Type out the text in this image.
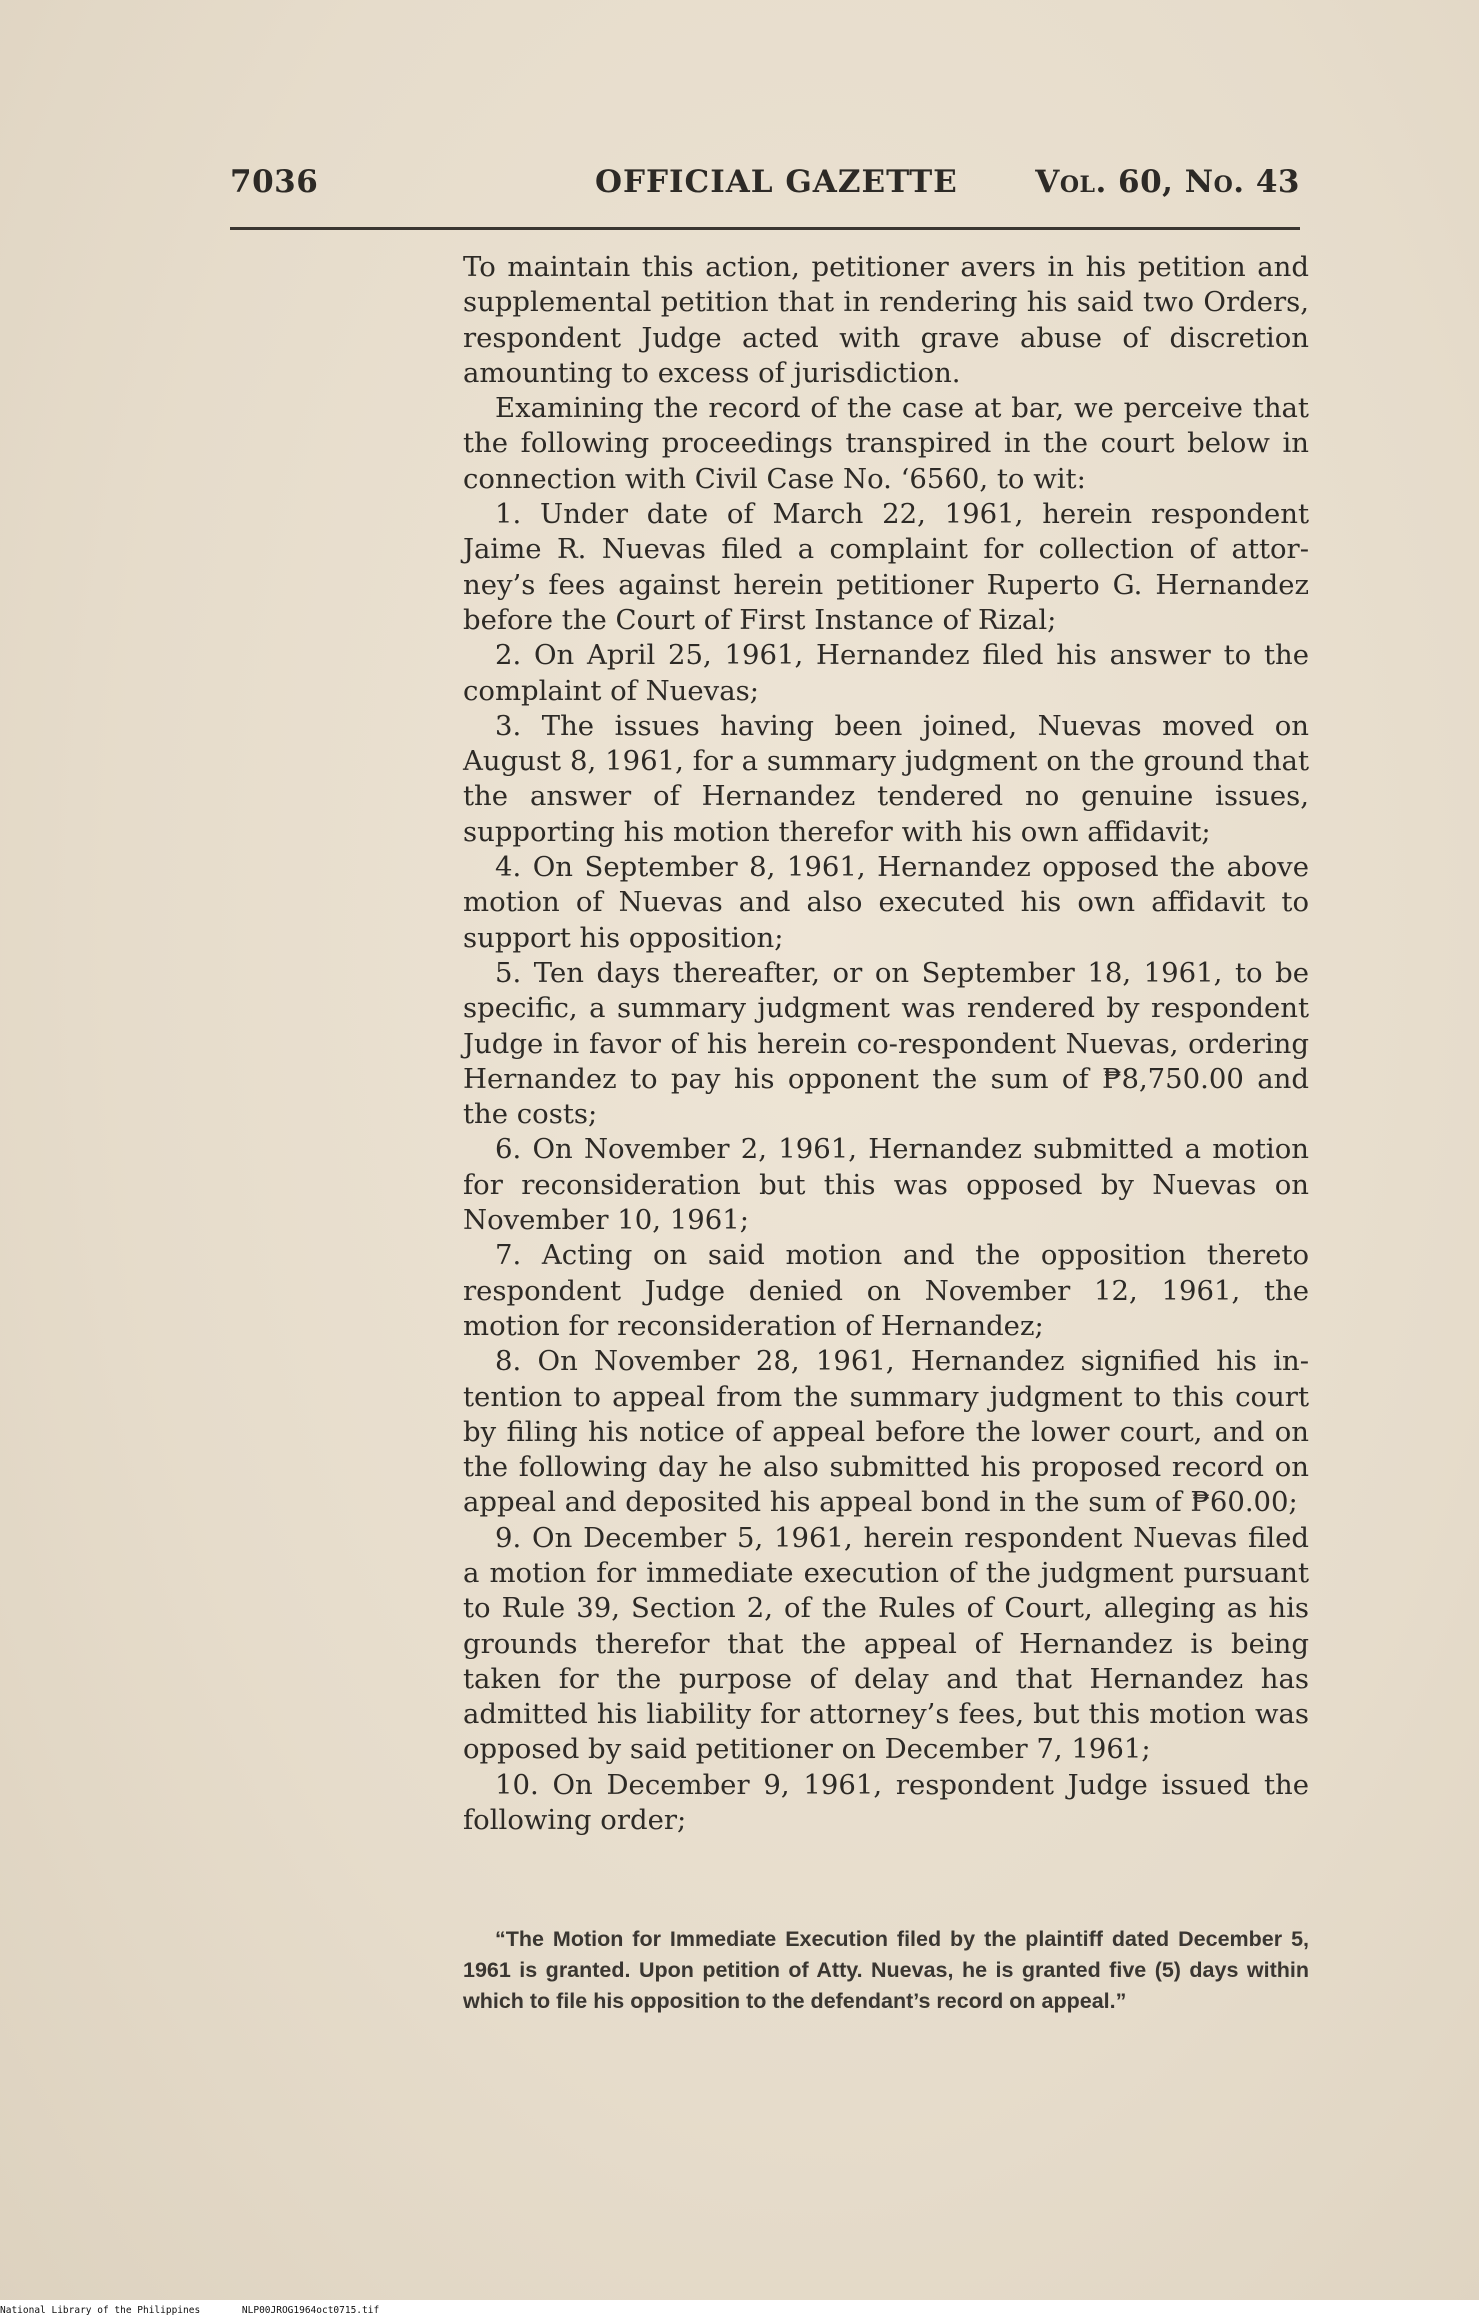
7036	OFFICIAL GAZETTE Vol. 60, No. 43

To maintain this action, petitioner avers in his petition and supplemental petition that in rendering his said two Orders, respondent Judge acted with grave abuse of discretion amounting to excess of jurisdiction.

Examining the record of the case at bar, we perceive that the following proceedings transpired in the court below in connection with Civil Case No. ʻ6560, to wit:

1. Under date of March 22, 1961, herein respondent Jaime R. Nuevas filed a complaint for collection of attorney’s fees against herein petitioner Ruperto G. Hernandez before the Court of First Instance of Rizal;

2. On April 25, 1961, Hernandez filed his answer to the complaint of Nuevas;

3. The issues having been joined, Nuevas moved on August 8, 1961, for a summary judgment on the ground that the answer of Hernandez tendered no genuine issues, supporting his motion therefor with his own affidavit;

4. On September 8, 1961, Hernandez opposed the above motion of Nuevas and also executed his own affidavit to support his opposition;

5. Ten days thereafter, or on September 18, 1961, to be specific, a summary judgment was rendered by respondent Judge in favor of his herein co-respondent Nuevas, ordering Hernandez to pay his opponent the sum of ₱8,750.00 and the costs;

6. On November 2, 1961, Hernandez submitted a motion for reconsideration but this was opposed by Nuevas on November 10, 1961;

7. Acting on said motion and the opposition thereto respondent Judge denied on November 12, 1961, the motion for reconsideration of Hernandez;

8. On November 28, 1961, Hernandez signified his intention to appeal from the summary judgment to this court by filing his notice of appeal before the lower court, and on the following day he also submitted his proposed record on appeal and deposited his appeal bond in the sum of ₱60.00;

9. On December 5, 1961, herein respondent Nuevas filed a motion for immediate execution of the judgment pursuant to Rule 39, Section 2, of the Rules of Court, alleging as his grounds therefor that the appeal of Hernandez is being taken for the purpose of delay and that Hernandez has admitted his liability for attorney’s fees, but this motion was opposed by said petitioner on December 7, 1961;

10. On December 9, 1961, respondent Judge issued the following order;

“The Motion for Immediate Execution filed by the plaintiff dated December 5, 1961 is granted. Upon petition of Atty. Nuevas, he is granted five (5) days within which to file his opposition to the defendant’s record on appeal.”

National Library of the Philippines	NLP00JROG1964oct0715.tif
